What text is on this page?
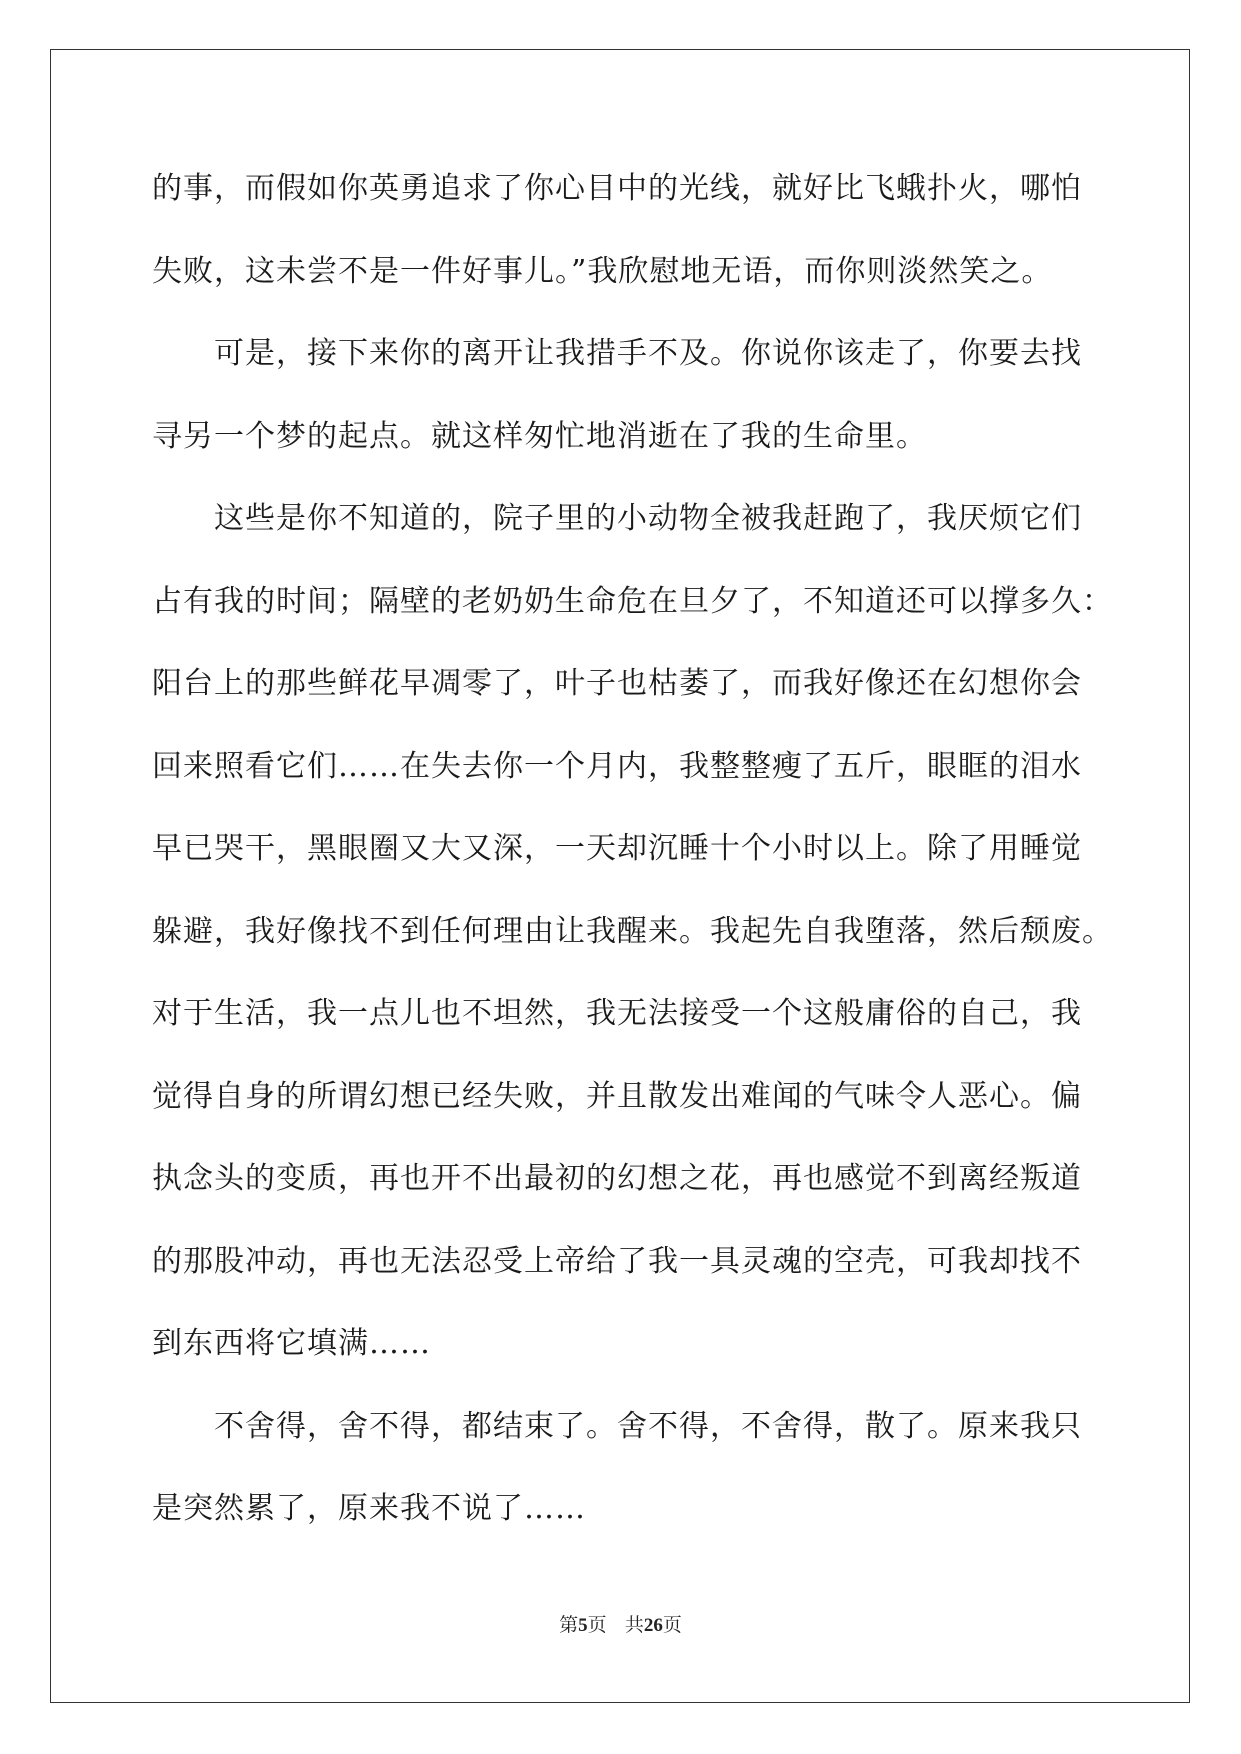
的事，而假如你英勇追求了你心目中的光线，就好比飞蛾扑火，哪怕
失败，这未尝不是一件好事儿。”我欣慰地无语，而你则淡然笑之。
可是，接下来你的离开让我措手不及。你说你该走了，你要去找
寻另一个梦的起点。就这样匆忙地消逝在了我的生命里。
这些是你不知道的，院子里的小动物全被我赶跑了，我厌烦它们
占有我的时间；隔壁的老奶奶生命危在旦夕了，不知道还可以撑多久：
阳台上的那些鲜花早凋零了，叶子也枯萎了，而我好像还在幻想你会
回来照看它们……在失去你一个月内，我整整瘦了五斤，眼眶的泪水
早已哭干，黑眼圈又大又深，一天却沉睡十个小时以上。除了用睡觉
躲避，我好像找不到任何理由让我醒来。我起先自我堕落，然后颓废。
对于生活，我一点儿也不坦然，我无法接受一个这般庸俗的自己，我
觉得自身的所谓幻想已经失败，并且散发出难闻的气味令人恶心。偏
执念头的变质，再也开不出最初的幻想之花，再也感觉不到离经叛道
的那股冲动，再也无法忍受上帝给了我一具灵魂的空壳，可我却找不
到东西将它填满……
不舍得，舍不得，都结束了。舍不得，不舍得，散了。原来我只
是突然累了，原来我不说了……
第5页 共26页
